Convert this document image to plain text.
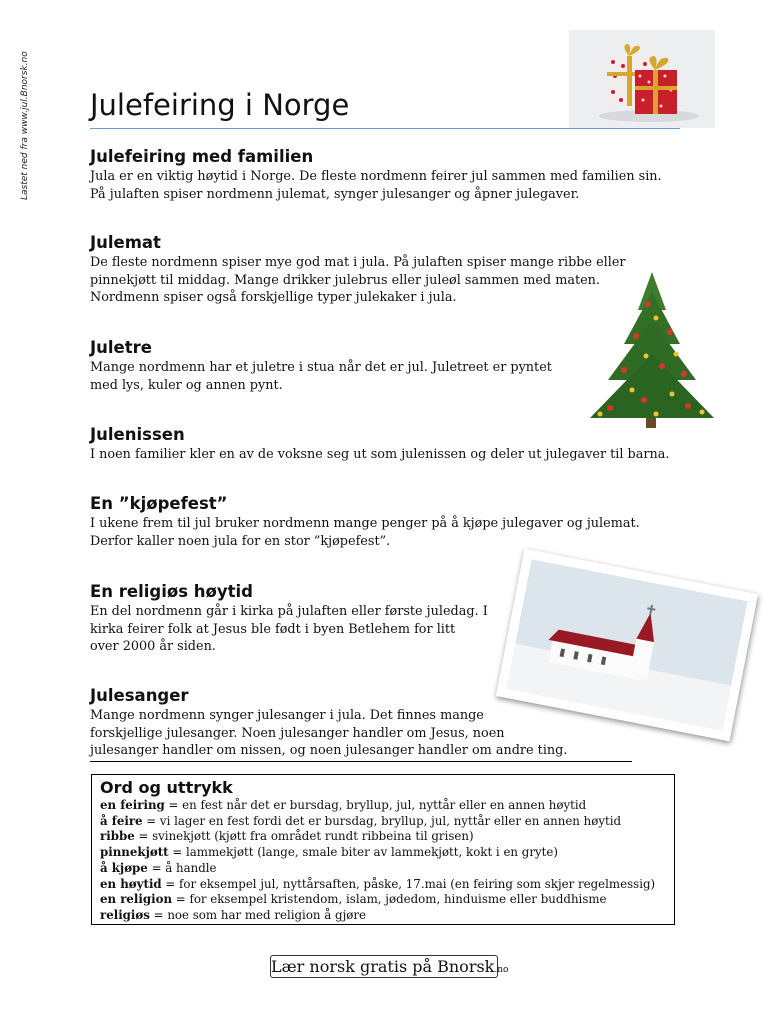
Lastet ned fra www.jul.Bnorsk.no Julefeiring i Norge
Julefeiring med familien

Jula er en viktig høytid i Norge. De fleste nordmenn feirer jul sammen med familien sin.
På julaften spiser nordmenn julemat, synger julesanger og åpner julegaver.

Julemat

De fleste nordmenn spiser mye god mat i jula. På julaften spiser mange ribbe eller
pinnekjøtt til middag. Mange drikker julebrus eller juleøl sammen med maten.
Nordmenn spiser også forskjellige typer julekaker i jula.

Juletre

Mange nordmenn har et juletre i stua når det er jul. Juletreet er pyntet
med lys, kuler og annen pynt.

Julenissen

I noen familier kler en av de voksne seg ut som julenissen og deler ut julegaver til barna.

En ”kjøpefest”

I ukene frem til jul bruker nordmenn mange penger på å kjøpe julegaver og julemat.
Derfor kaller noen jula for en stor ”kjøpefest”.

En religiøs høytid

En del nordmenn går i kirka på julaften eller første juledag. I
kirka feirer folk at Jesus ble født i byen Betlehem for litt
over 2000 år siden.

Julesanger

Mange nordmenn synger julesanger i jula. Det finnes mange
forskjellige julesanger. Noen julesanger handler om Jesus, noen
julesanger handler om nissen, og noen julesanger handler om andre ting.

Ord og uttrykk
en feiring = en fest når det er bursdag, bryllup, jul, nyttår eller en annen høytid
å feire = vi lager en fest fordi det er bursdag, bryllup, jul, nyttår eller en annen høytid
ribbe = svinekjøtt (kjøtt fra området rundt ribbeina til grisen)
pinnekjøtt = lammekjøtt (lange, smale biter av lammekjøtt, kokt i en gryte)
å kjøpe = å handle
en høytid = for eksempel jul, nyttårsaften, påske, 17.mai (en feiring som skjer regelmessig)
en religion = for eksempel kristendom, islam, jødedom, hinduisme eller buddhisme
religiøs = noe som har med religion å gjøre
Lær norsk gratis på Bnorsk.no
